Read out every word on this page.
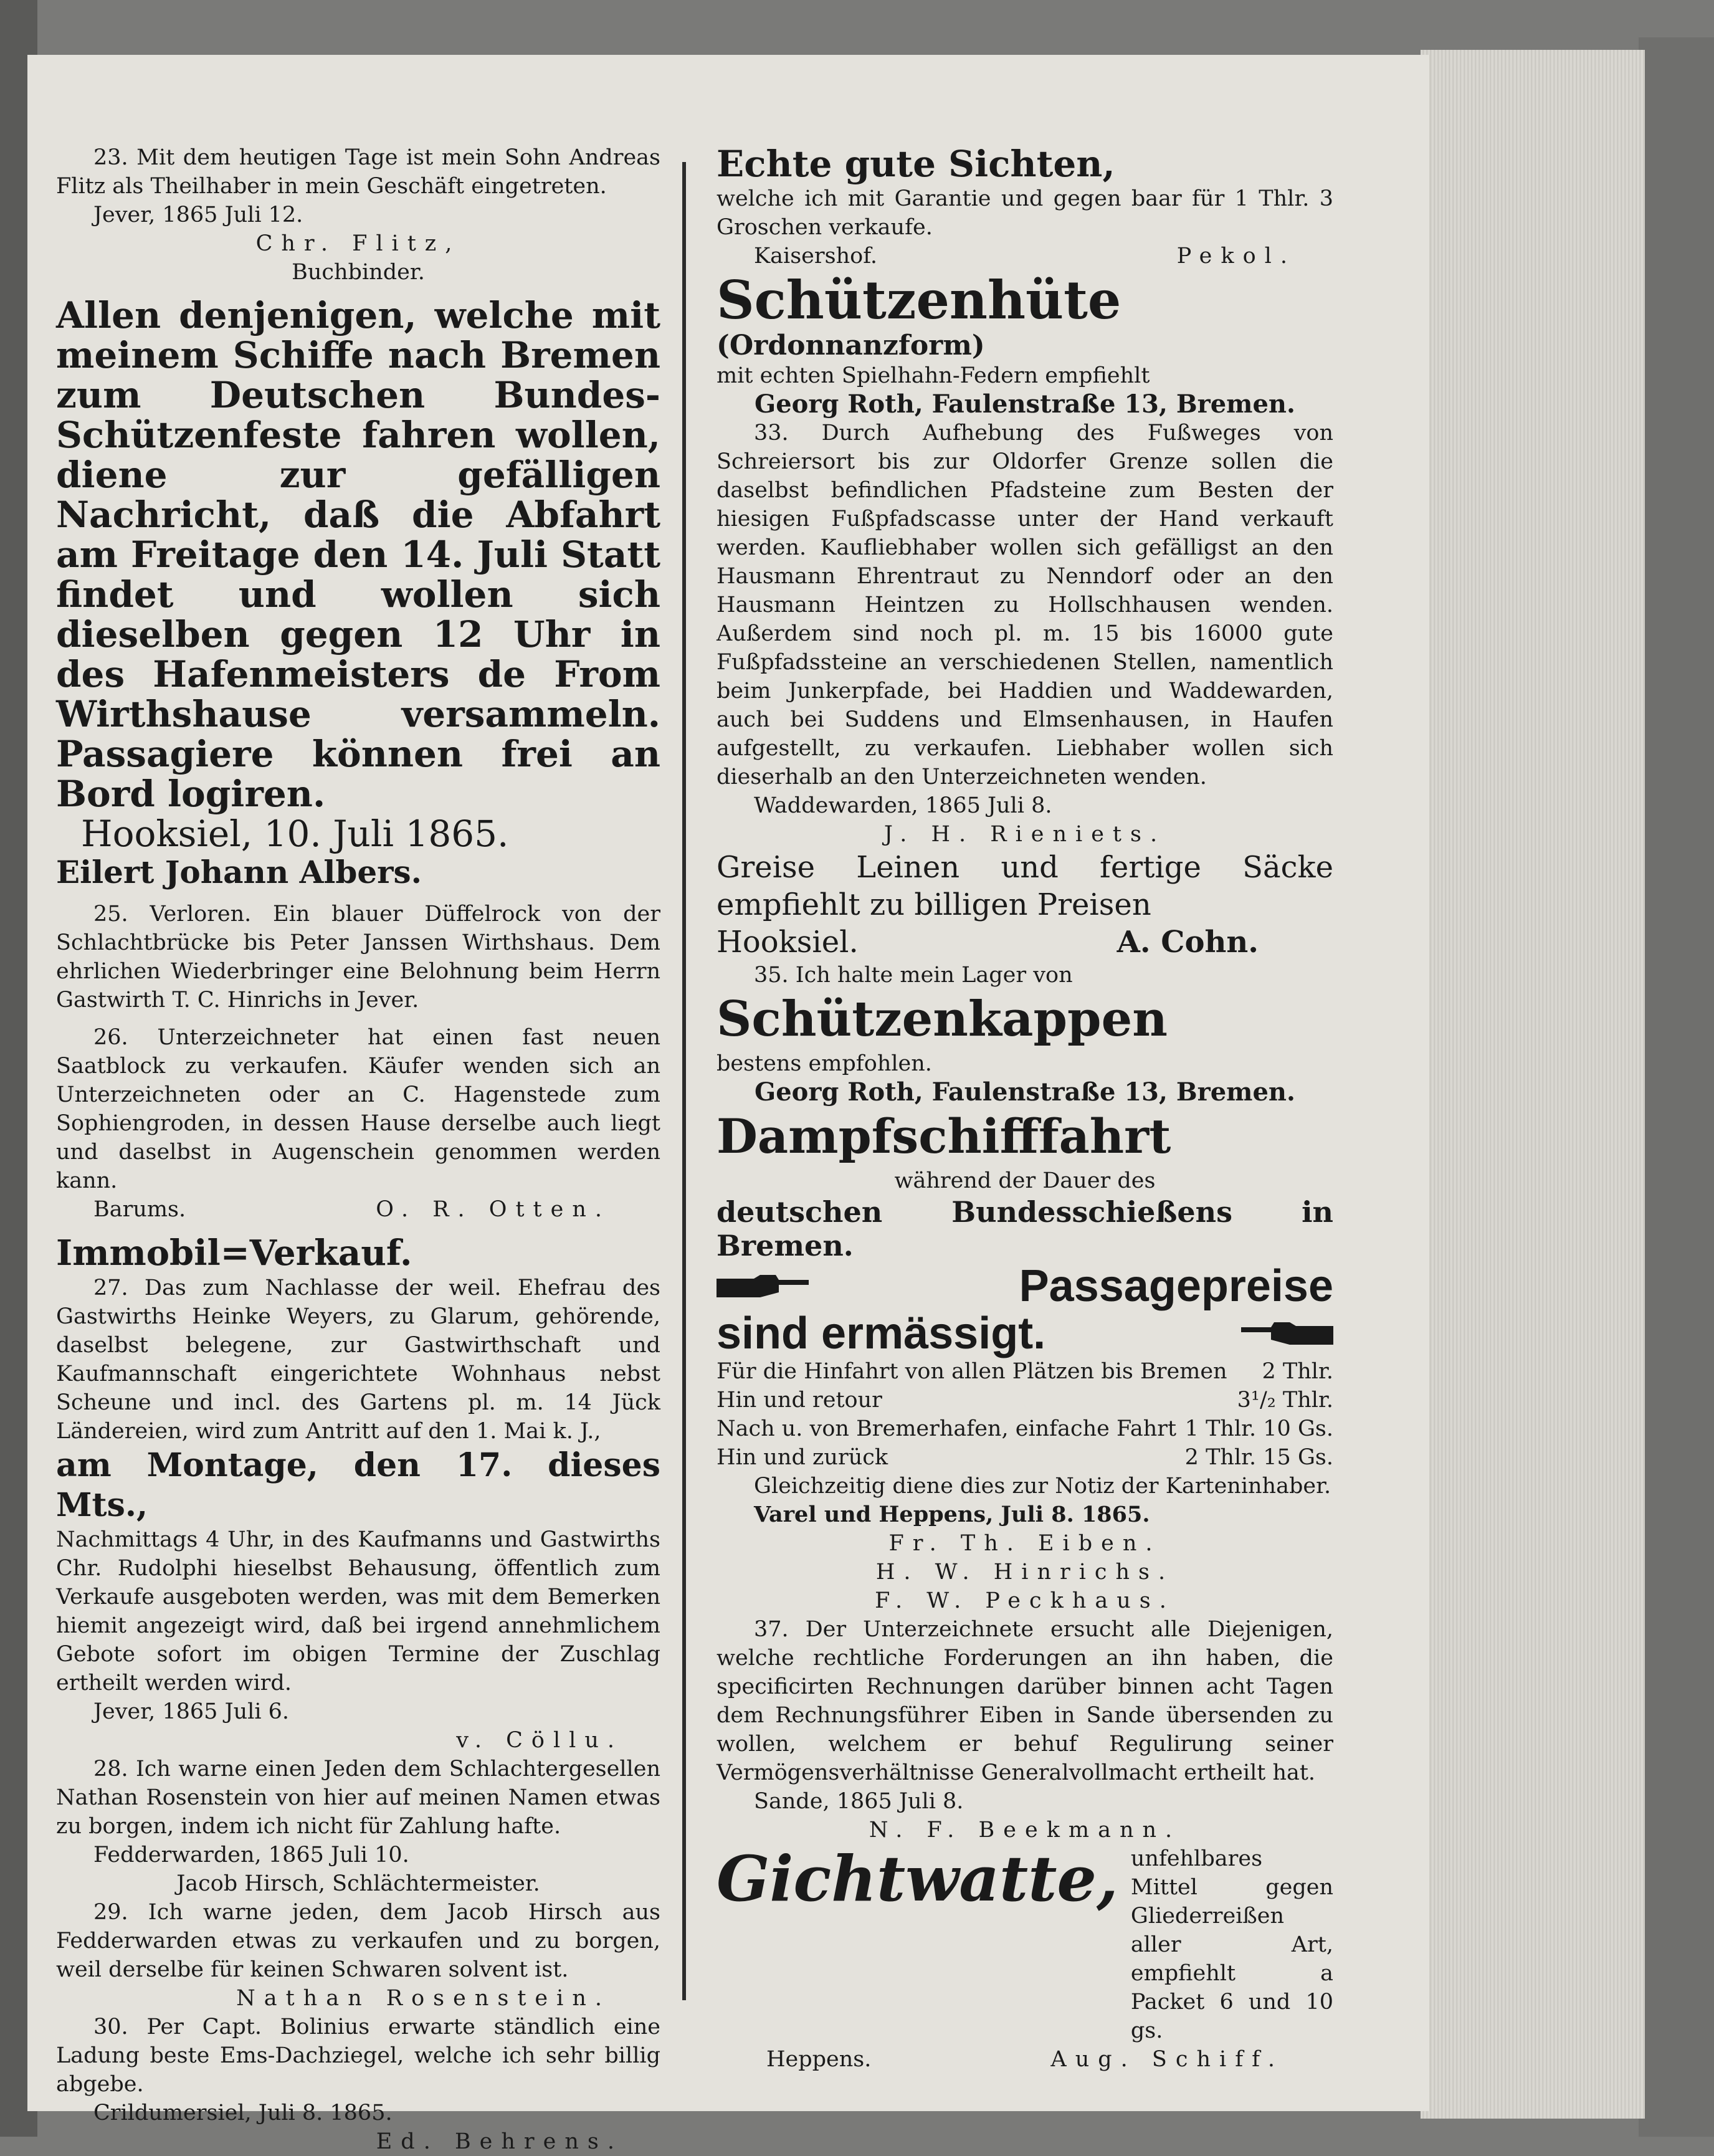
23. Mit dem heutigen Tage ist mein Sohn Andreas Flitz als Theilhaber in mein Geschäft eingetreten.

Jever, 1865 Juli 12.

Chr. Flitz,

Buchbinder.

Allen denjenigen, welche mit meinem Schiffe nach Bremen zum Deutschen Bundes-Schützenfeste fahren wollen, diene zur gefälligen Nachricht, daß die Abfahrt am Freitage den 14. Juli Statt findet und wollen sich dieselben gegen 12 Uhr in des Hafenmeisters de From Wirthshause versammeln. Passagiere können frei an Bord logiren.

Hooksiel, 10. Juli 1865.

Eilert Johann Albers.

25. Verloren. Ein blauer Düffelrock von der Schlachtbrücke bis Peter Janssen Wirthshaus. Dem ehrlichen Wiederbringer eine Belohnung beim Herrn Gastwirth T. C. Hinrichs in Jever.

26. Unterzeichneter hat einen fast neuen Saatblock zu verkaufen. Käufer wenden sich an Unterzeichneten oder an C. Hagenstede zum Sophiengroden, in dessen Hause derselbe auch liegt und daselbst in Augenschein genommen werden kann.

Barums.	O. R. Otten.

Immobil=Verkauf.

27. Das zum Nachlasse der weil. Ehefrau des Gastwirths Heinke Weyers, zu Glarum, gehörende, daselbst belegene, zur Gastwirthschaft und Kaufmannschaft eingerichtete Wohnhaus nebst Scheune und incl. des Gartens pl. m. 14 Jück Ländereien, wird zum Antritt auf den 1. Mai k. J.,

am Montage, den 17. dieses Mts.,

Nachmittags 4 Uhr, in des Kaufmanns und Gastwirths Chr. Rudolphi hieselbst Behausung, öffentlich zum Verkaufe ausgeboten werden, was mit dem Bemerken hiemit angezeigt wird, daß bei irgend annehmlichem Gebote sofort im obigen Termine der Zuschlag ertheilt werden wird.

Jever, 1865 Juli 6.

v. Cöllu.

28. Ich warne einen Jeden dem Schlachtergesellen Nathan Rosenstein von hier auf meinen Namen etwas zu borgen, indem ich nicht für Zahlung hafte.

Fedderwarden, 1865 Juli 10.

Jacob Hirsch, Schlächtermeister.

29. Ich warne jeden, dem Jacob Hirsch aus Fedderwarden etwas zu verkaufen und zu borgen, weil derselbe für keinen Schwaren solvent ist.

Nathan Rosenstein.

30. Per Capt. Bolinius erwarte ständlich eine Ladung beste Ems-Dachziegel, welche ich sehr billig abgebe.

Crildumersiel, Juli 8. 1865.

Ed. Behrens.

Echte gute Sichten,

welche ich mit Garantie und gegen baar für 1 Thlr. 3 Groschen verkaufe.

Kaisershof.	Pekol.

Schützenhüte

(Ordonnanzform)

mit echten Spielhahn-Federn empfiehlt

Georg Roth, Faulenstraße 13, Bremen.

33. Durch Aufhebung des Fußweges von Schreiersort bis zur Oldorfer Grenze sollen die daselbst befindlichen Pfadsteine zum Besten der hiesigen Fußpfadscasse unter der Hand verkauft werden. Kaufliebhaber wollen sich gefälligst an den Hausmann Ehrentraut zu Nenndorf oder an den Hausmann Heintzen zu Hollschhausen wenden. Außerdem sind noch pl. m. 15 bis 16000 gute Fußpfadssteine an verschiedenen Stellen, namentlich beim Junkerpfade, bei Haddien und Waddewarden, auch bei Suddens und Elmsenhausen, in Haufen aufgestellt, zu verkaufen. Liebhaber wollen sich dieserhalb an den Unterzeichneten wenden.

Waddewarden, 1865 Juli 8.

J. H. Rieniets.

Greise Leinen und fertige Säcke empfiehlt zu billigen Preisen

Hooksiel.	A. Cohn.

35. Ich halte mein Lager von

Schützenkappen

bestens empfohlen.

Georg Roth, Faulenstraße 13, Bremen.

Dampfschifffahrt

während der Dauer des

deutschen Bundesschießens in Bremen.

Passagepreise
sind ermässigt.
Für die Hinfahrt von allen Plätzen bis Bremen 2 Thlr.
Hin und retour	3¹/₂ Thlr.
Nach u. von Bremerhafen, einfache Fahrt 1 Thlr. 10 Gs.
Hin und zurück	2 Thlr. 15 Gs.

Gleichzeitig diene dies zur Notiz der Karteninhaber.

Varel und Heppens, Juli 8. 1865.

Fr. Th. Eiben.

H. W. Hinrichs.

F. W. Peckhaus.

37. Der Unterzeichnete ersucht alle Diejenigen, welche rechtliche Forderungen an ihn haben, die specificirten Rechnungen darüber binnen acht Tagen dem Rechnungsführer Eiben in Sande übersenden zu wollen, welchem er behuf Regulirung seiner Vermögensverhältnisse Generalvollmacht ertheilt hat.

Sande, 1865 Juli 8.

N. F. Beekmann.

Gichtwatte, unfehlbares Mittel gegen Gliederreißen aller Art, empfiehlt a Packet 6 und 10 gs.

Heppens.	Aug. Schiff.
